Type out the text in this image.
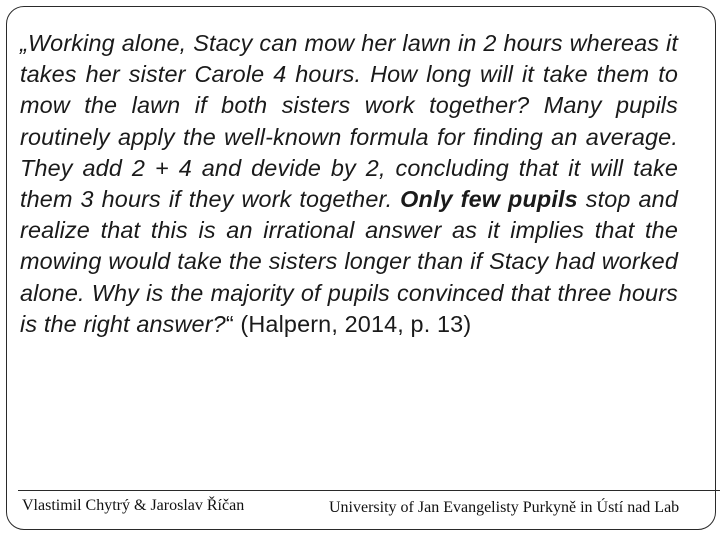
„Working alone, Stacy can mow her lawn in 2 hours whereas it takes her sister Carole 4 hours. How long will it take them to mow the lawn if both sisters work together? Many pupils routinely apply the well-known formula for finding an average. They add 2 + 4 and devide by 2, concluding that it will take them 3 hours if they work together. Only few pupils stop and realize that this is an irrational answer as it implies that the mowing would take the sisters longer than if Stacy had worked alone. Why is the majority of pupils convinced that three hours is the right answer?“ (Halpern, 2014, p. 13)

Vlastimil Chytrý & Jaroslav Říčan	University of Jan Evangelisty Purkyně in Ústí nad Lab
